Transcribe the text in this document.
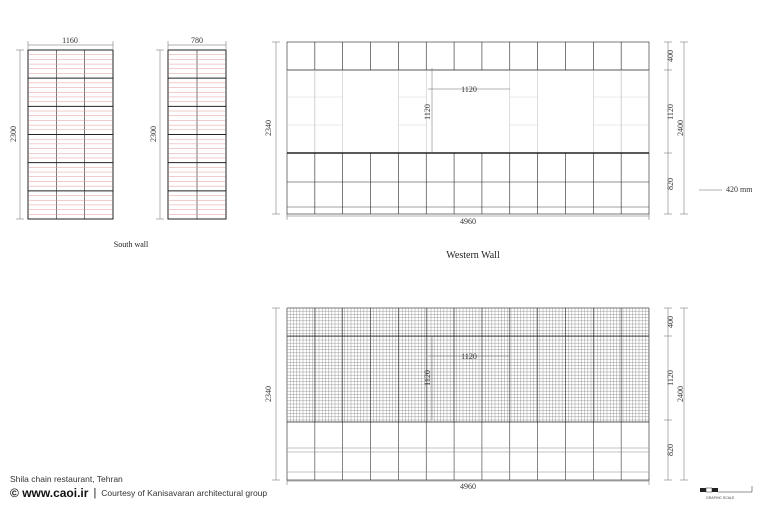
1160
2300
780
2300
South wall
1120
1120
2340
4960
400
1120
820
2400
420 mm
Western Wall
1120
1120
2340
4960
400
1120
820
2400
GRAPHIC SCALE
Shila chain restaurant, Tehran
© www.caoi.ir | Courtesy of Kanisavaran architectural group
